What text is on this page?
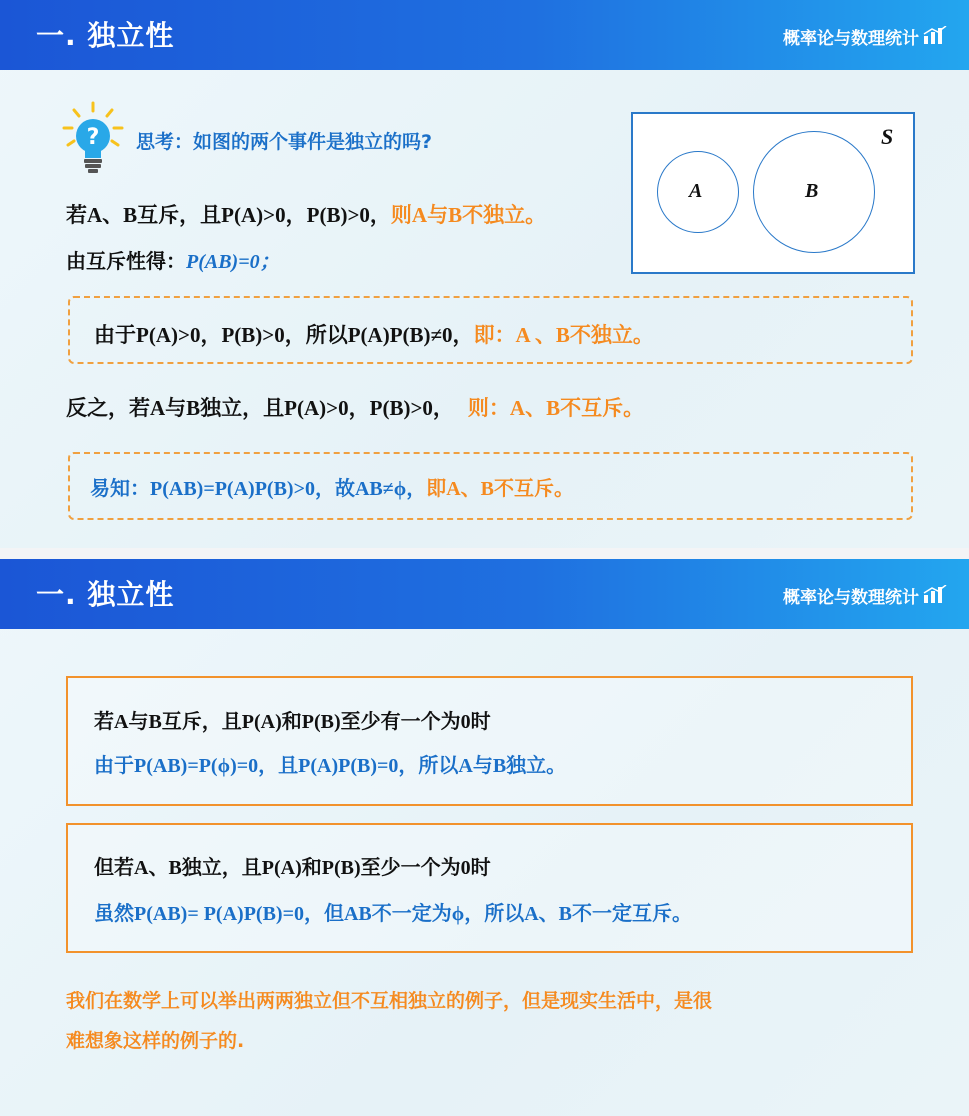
一. 独立性	概率论与数理统计
? 思考：如图的两个事件是独立的吗?	S
A	B
若A、B互斥，且P(A)>0，P(B)>0，则A与B不独立。
由互斥性得：P(AB)=0；
由于P(A)>0，P(B)>0，所以P(A)P(B)≠0，即：A 、B不独立。
反之，若A与B独立，且P(A)>0，P(B)>0， 则：A、B不互斥。
易知：P(AB)=P(A)P(B)>0，故AB≠ϕ，即A、B不互斥。
一. 独立性	概率论与数理统计
若A与B互斥，且P(A)和P(B)至少有一个为0时
由于P(AB)=P(ϕ)=0，且P(A)P(B)=0，所以A与B独立。
但若A、B独立，且P(A)和P(B)至少一个为0时
虽然P(AB)= P(A)P(B)=0，但AB不一定为ϕ，所以A、B不一定互斥。
我们在数学上可以举出两两独立但不互相独立的例子，但是现实生活中，是很
难想象这样的例子的.
